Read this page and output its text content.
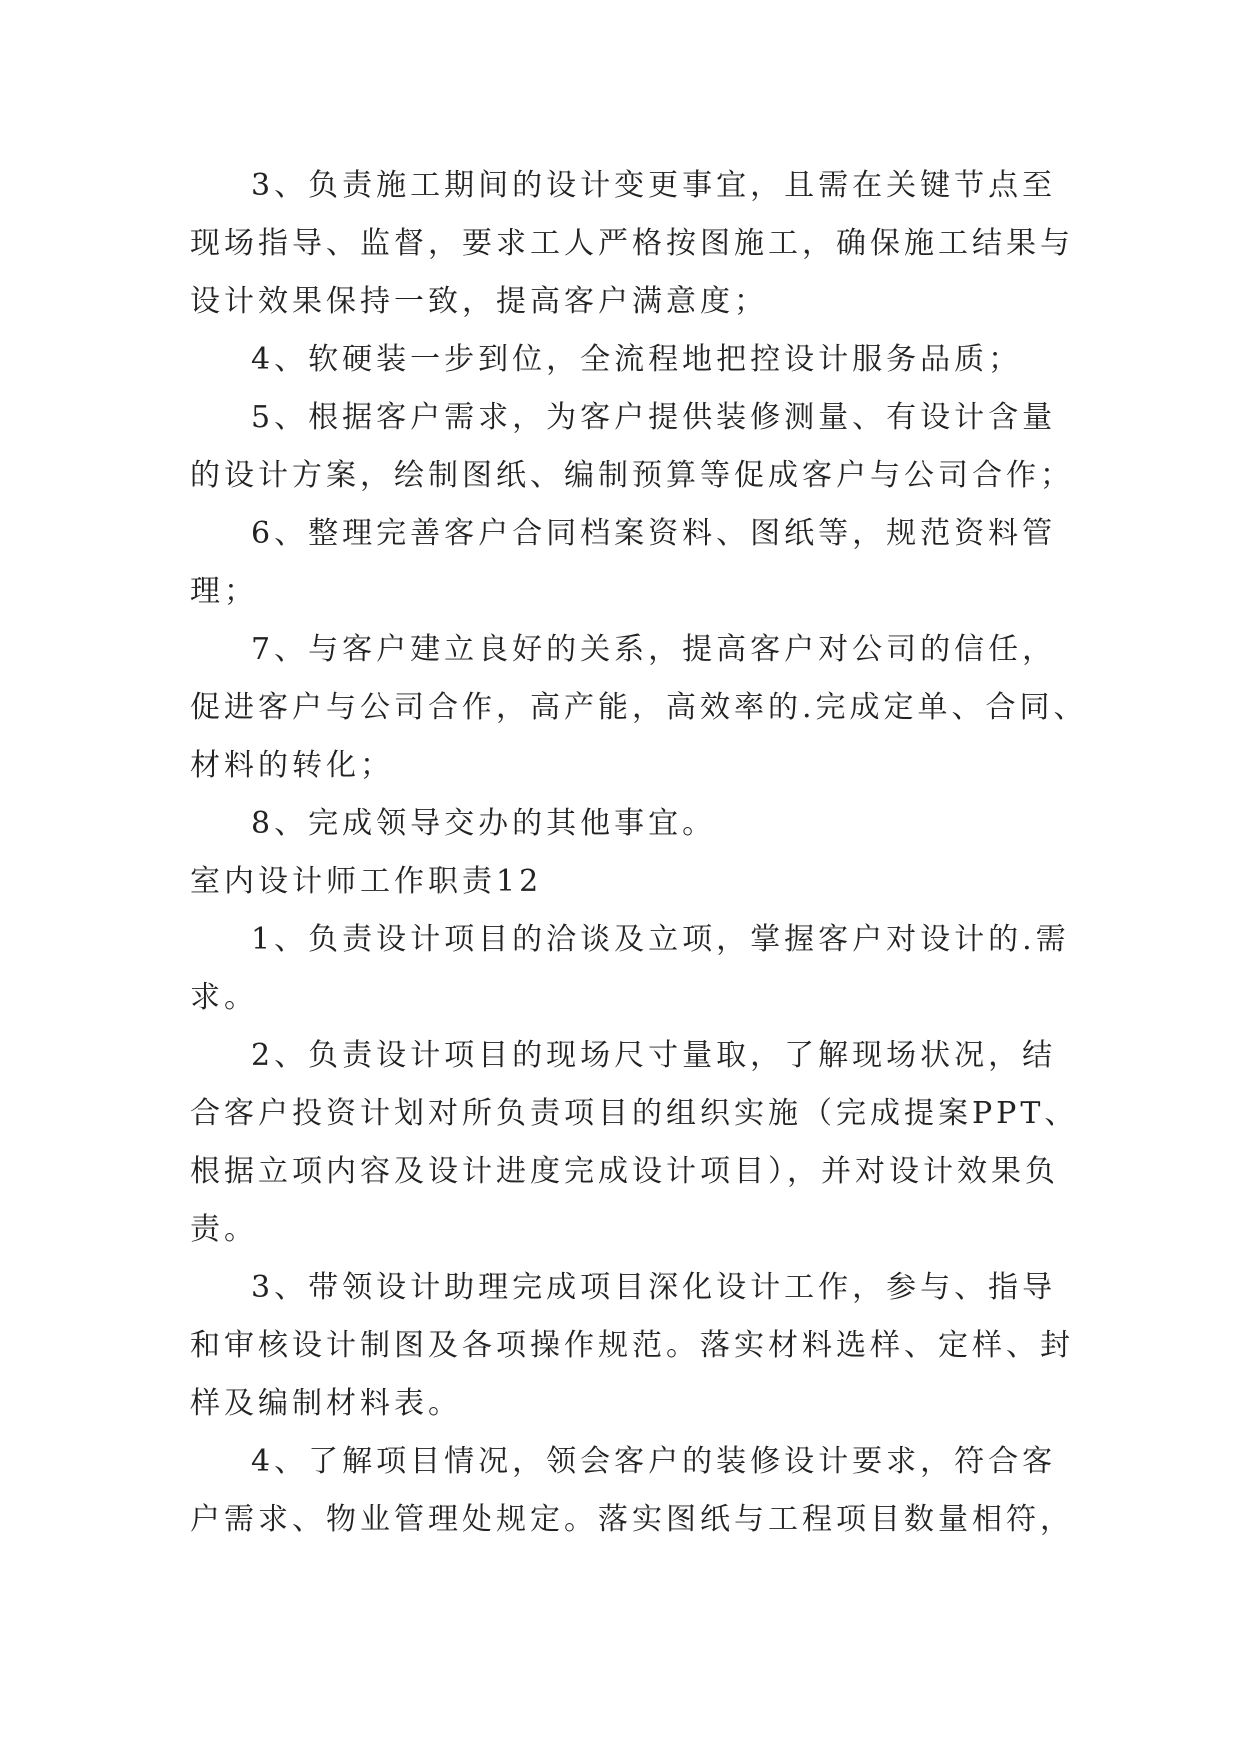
3、负责施工期间的设计变更事宜，且需在关键节点至
现场指导、监督，要求工人严格按图施工，确保施工结果与
设计效果保持一致，提高客户满意度；
4、软硬装一步到位，全流程地把控设计服务品质；
5、根据客户需求，为客户提供装修测量、有设计含量
的设计方案，绘制图纸、编制预算等促成客户与公司合作；
6、整理完善客户合同档案资料、图纸等，规范资料管
理；
7、与客户建立良好的关系，提高客户对公司的信任，
促进客户与公司合作，高产能，高效率的.完成定单、合同、
材料的转化；
8、完成领导交办的其他事宜。
室内设计师工作职责12
1、负责设计项目的洽谈及立项，掌握客户对设计的.需
求。
2、负责设计项目的现场尺寸量取，了解现场状况，结
合客户投资计划对所负责项目的组织实施（完成提案PPT、
根据立项内容及设计进度完成设计项目），并对设计效果负
责。
3、带领设计助理完成项目深化设计工作，参与、指导
和审核设计制图及各项操作规范。落实材料选样、定样、封
样及编制材料表。
4、了解项目情况，领会客户的装修设计要求，符合客
户需求、物业管理处规定。落实图纸与工程项目数量相符，
